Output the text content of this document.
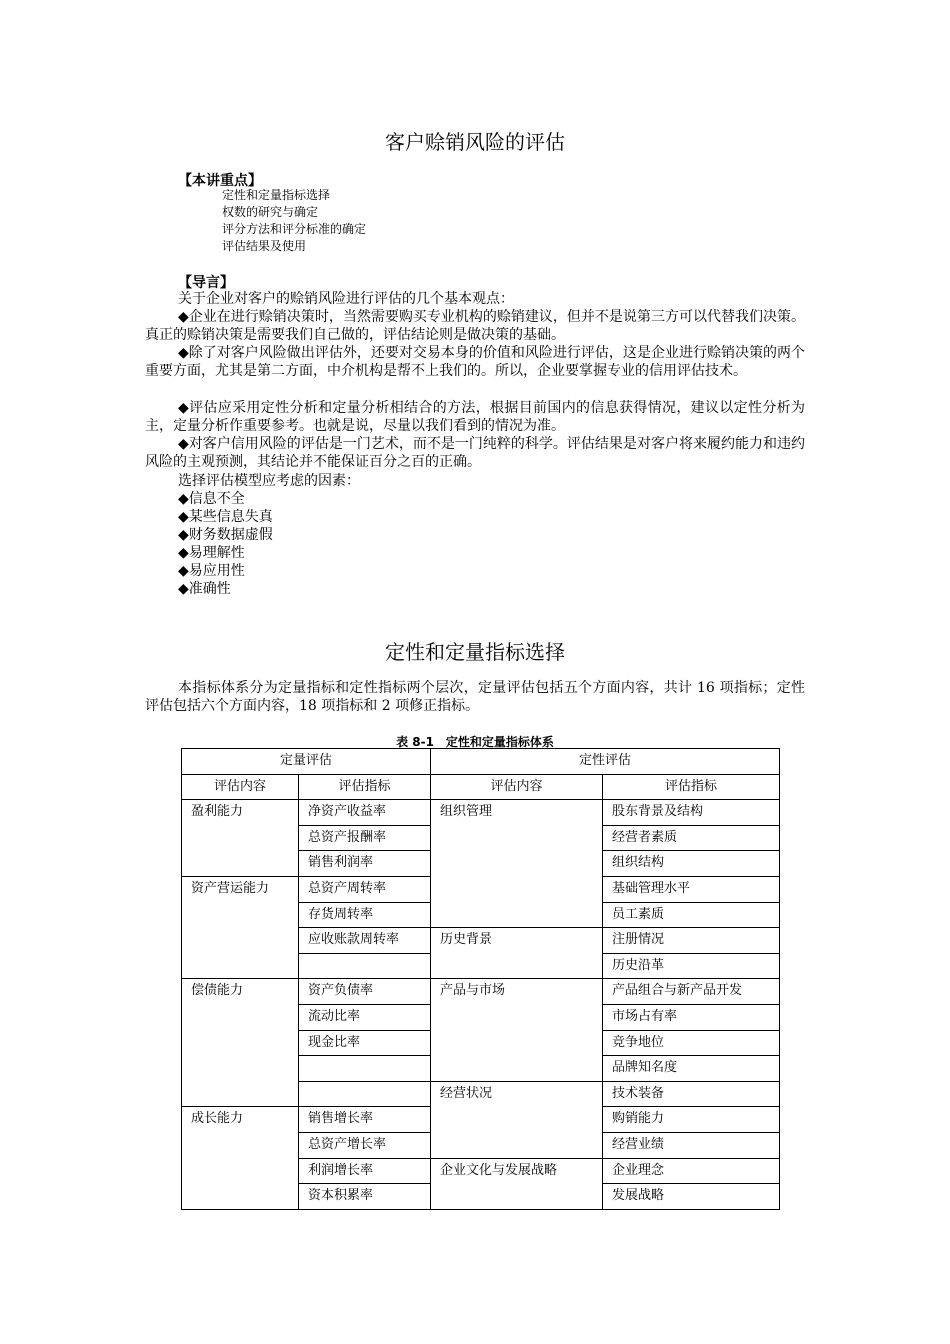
客户赊销风险的评估
【本讲重点】
定性和定量指标选择
权数的研究与确定
评分方法和评分标准的确定
评估结果及使用
【导言】
关于企业对客户的赊销风险进行评估的几个基本观点：
◆企业在进行赊销决策时，当然需要购买专业机构的赊销建议，但并不是说第三方可以代替我们决策。真正的赊销决策是需要我们自己做的，评估结论则是做决策的基础。
◆除了对客户风险做出评估外，还要对交易本身的价值和风险进行评估，这是企业进行赊销决策的两个重要方面，尤其是第二方面，中介机构是帮不上我们的。所以，企业要掌握专业的信用评估技术。
◆评估应采用定性分析和定量分析相结合的方法，根据目前国内的信息获得情况，建议以定性分析为主，定量分析作重要参考。也就是说，尽量以我们看到的情况为准。
◆对客户信用风险的评估是一门艺术，而不是一门纯粹的科学。评估结果是对客户将来履约能力和违约风险的主观预测，其结论并不能保证百分之百的正确。
选择评估模型应考虑的因素：
◆信息不全
◆某些信息失真
◆财务数据虚假
◆易理解性
◆易应用性
◆准确性
定性和定量指标选择
本指标体系分为定量指标和定性指标两个层次，定量评估包括五个方面内容，共计 16 项指标；定性评估包括六个方面内容，18 项指标和 2 项修正指标。
表 8-1　定性和定量指标体系
定量评估		定性评估	
评估内容	评估指标	评估内容	评估指标
盈利能力	净资产收益率	组织管理	股东背景及结构
	总资产报酬率		经营者素质
	销售利润率		组织结构
资产营运能力	总资产周转率		基础管理水平
	存货周转率		员工素质
	应收账款周转率	历史背景	注册情况
			历史沿革
偿债能力	资产负债率	产品与市场	产品组合与新产品开发
	流动比率		市场占有率
	现金比率		竞争地位
			品牌知名度
		经营状况	技术装备
成长能力	销售增长率		购销能力
	总资产增长率		经营业绩
	利润增长率	企业文化与发展战略	企业理念
	资本积累率		发展战略
